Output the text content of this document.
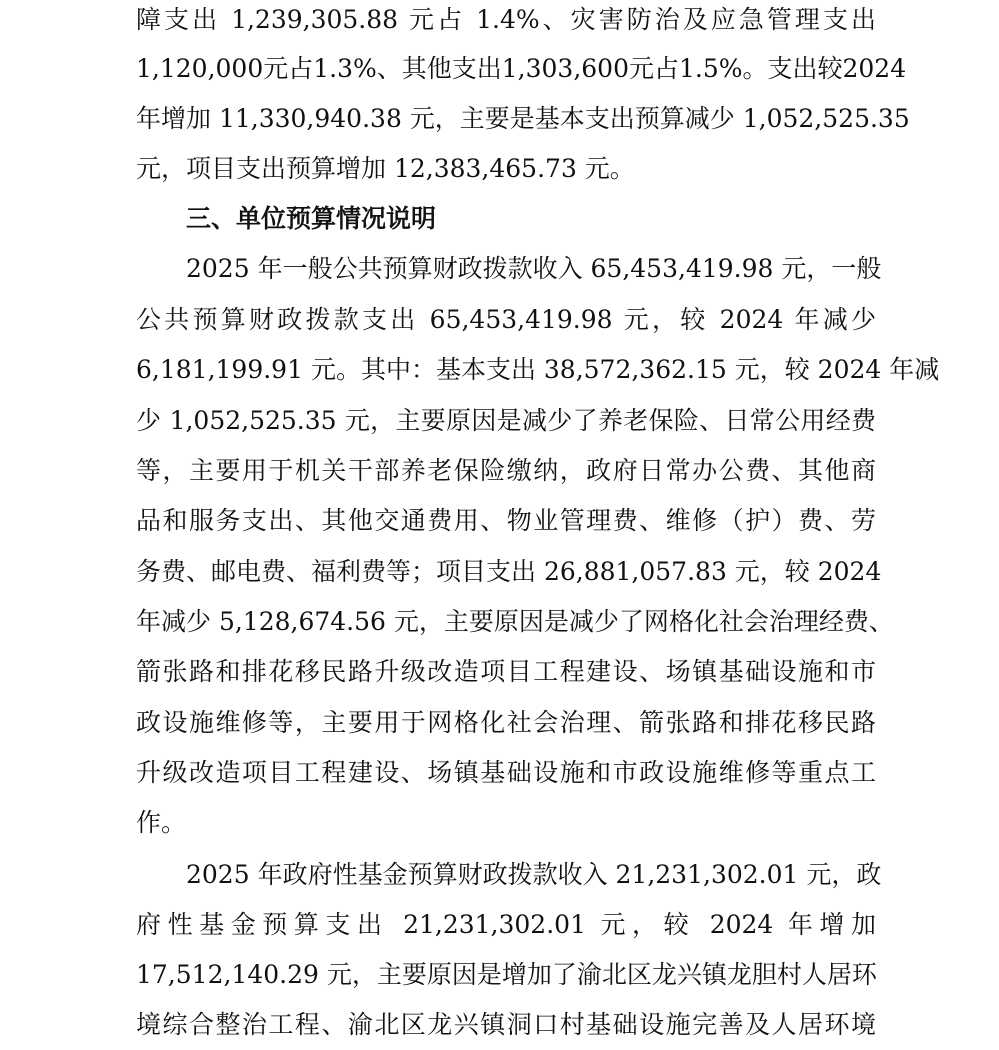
障支出 1,239,305.88 元占 1.4%、灾害防治及应急管理支出
1,120,000元占1.3%、其他支出1,303,600元占1.5%。支出较2024
年增加 11,330,940.38 元，主要是基本支出预算减少 1,052,525.35
元，项目支出预算增加 12,383,465.73 元。
三、单位预算情况说明
2025 年一般公共预算财政拨款收入 65,453,419.98 元，一般
公共预算财政拨款支出 65,453,419.98 元，较 2024 年减少
6,181,199.91 元。其中：基本支出 38,572,362.15 元，较 2024 年减
少 1,052,525.35 元，主要原因是减少了养老保险、日常公用经费
等，主要用于机关干部养老保险缴纳，政府日常办公费、其他商
品和服务支出、其他交通费用、物业管理费、维修（护）费、劳
务费、邮电费、福利费等；项目支出 26,881,057.83 元，较 2024
年减少 5,128,674.56 元，主要原因是减少了网格化社会治理经费、
箭张路和排花移民路升级改造项目工程建设、场镇基础设施和市
政设施维修等，主要用于网格化社会治理、箭张路和排花移民路
升级改造项目工程建设、场镇基础设施和市政设施维修等重点工
作。
2025 年政府性基金预算财政拨款收入 21,231,302.01 元，政
府性基金预算支出 21,231,302.01 元，较 2024 年增加
17,512,140.29 元，主要原因是增加了渝北区龙兴镇龙胆村人居环
境综合整治工程、渝北区龙兴镇洞口村基础设施完善及人居环境
